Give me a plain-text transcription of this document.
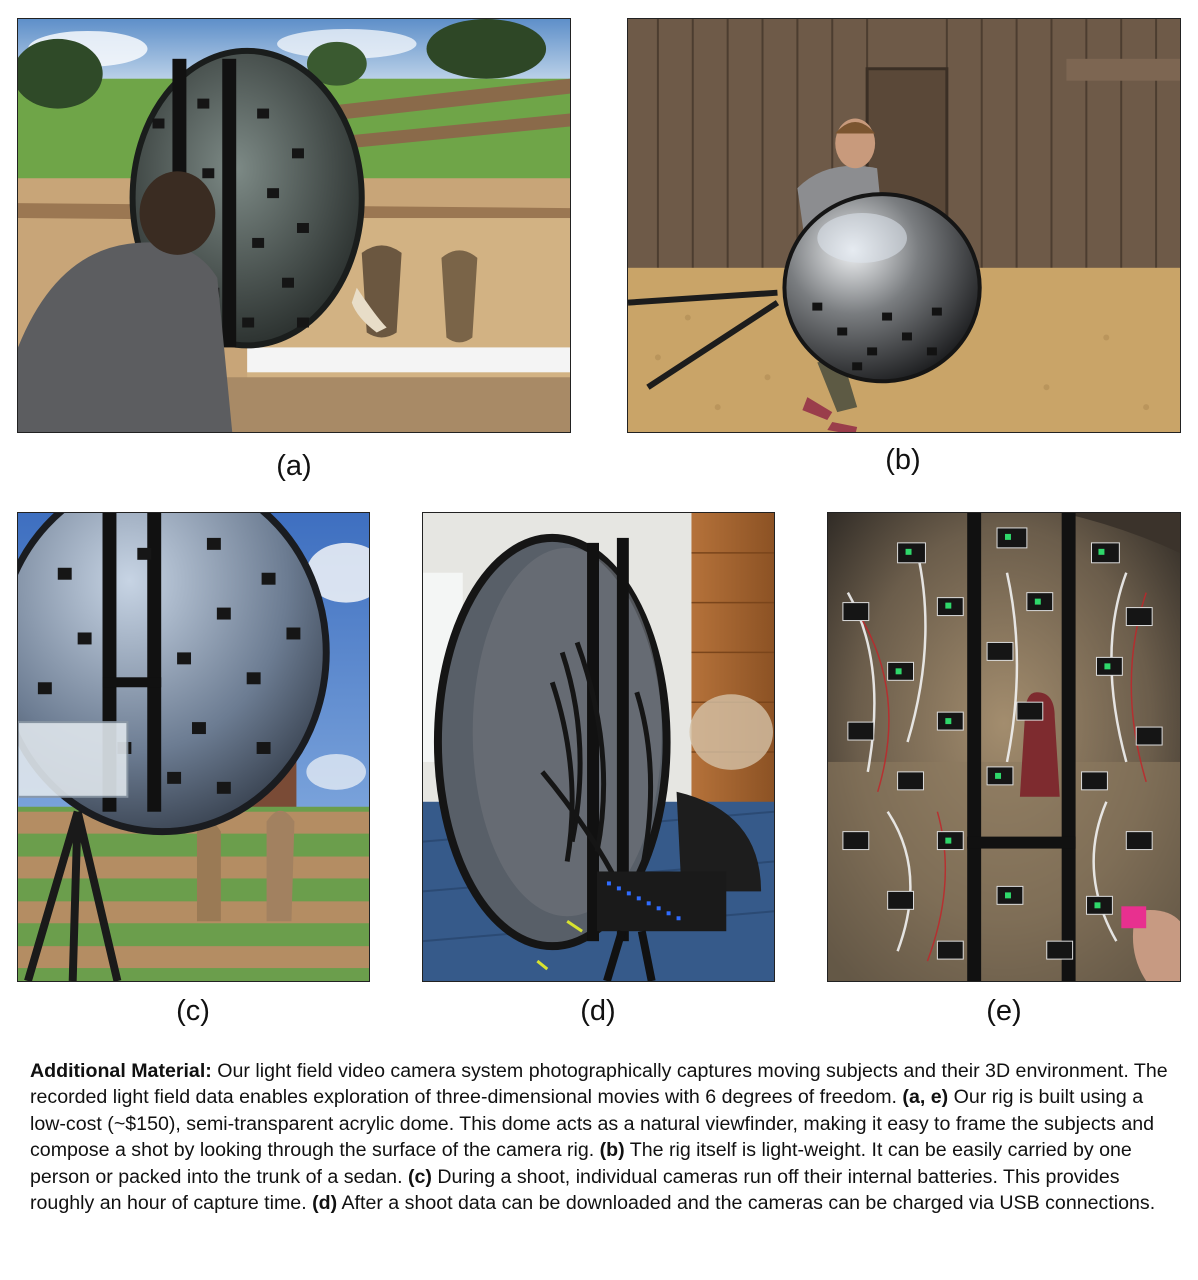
(a)	(b)
(c)	(d)	(e)

Additional Material: Our light field video camera system photographically captures moving subjects and their 3D environment. The recorded light field data enables exploration of three-dimensional movies with 6 degrees of freedom. (a, e) Our rig is built using a low-cost (~$150), semi-transparent acrylic dome. This dome acts as a natural viewfinder, making it easy to frame the subjects and compose a shot by looking through the surface of the camera rig. (b) The rig itself is light-weight. It can be easily carried by one person or packed into the trunk of a sedan. (c) During a shoot, individual cameras run off their internal batteries. This provides roughly an hour of capture time. (d) After a shoot data can be downloaded and the cameras can be charged via USB connections.
